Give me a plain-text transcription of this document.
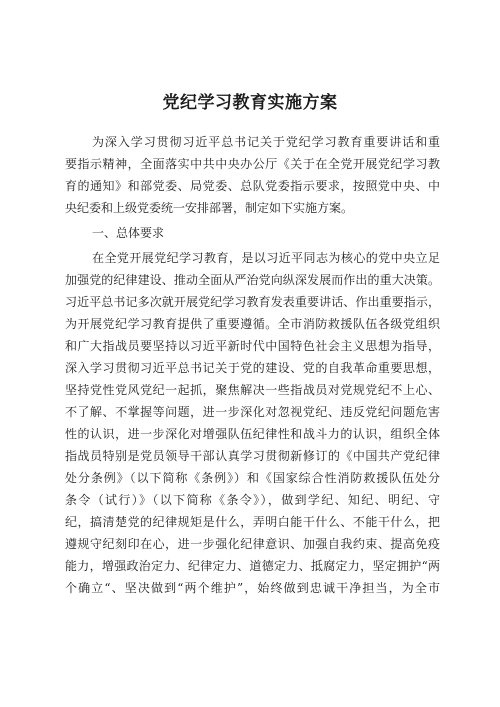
党纪学习教育实施方案
为深入学习贯彻习近平总书记关于党纪学习教育重要讲话和重
要指示精神，全面落实中共中央办公厅《关于在全党开展党纪学习教
育的通知》和部党委、局党委、总队党委指示要求，按照党中央、中
央纪委和上级党委统一安排部署，制定如下实施方案。
一、总体要求
在全党开展党纪学习教育，是以习近平同志为核心的党中央立足
加强党的纪律建设、推动全面从严治党向纵深发展而作出的重大决策。
习近平总书记多次就开展党纪学习教育发表重要讲话、作出重要指示，
为开展党纪学习教育提供了重要遵循。全市消防救援队伍各级党组织
和广大指战员要坚持以习近平新时代中国特色社会主义思想为指导，
深入学习贯彻习近平总书记关于党的建设、党的自我革命重要思想，
坚持党性党风党纪一起抓，聚焦解决一些指战员对党规党纪不上心、
不了解、不掌握等问题，进一步深化对忽视党纪、违反党纪问题危害
性的认识，进一步深化对增强队伍纪律性和战斗力的认识，组织全体
指战员特别是党员领导干部认真学习贯彻新修订的《中国共产党纪律
处分条例》（以下简称《条例》）和《国家综合性消防救援队伍处分
条令（试行）》（以下简称《条令》），做到学纪、知纪、明纪、守
纪，搞清楚党的纪律规矩是什么，弄明白能干什么、不能干什么，把
遵规守纪刻印在心，进一步强化纪律意识、加强自我约束、提高免疫
能力，增强政治定力、纪律定力、道德定力、抵腐定力，坚定拥护“两
个确立“、坚决做到“两个维护”，始终做到忠诚干净担当，为全市
